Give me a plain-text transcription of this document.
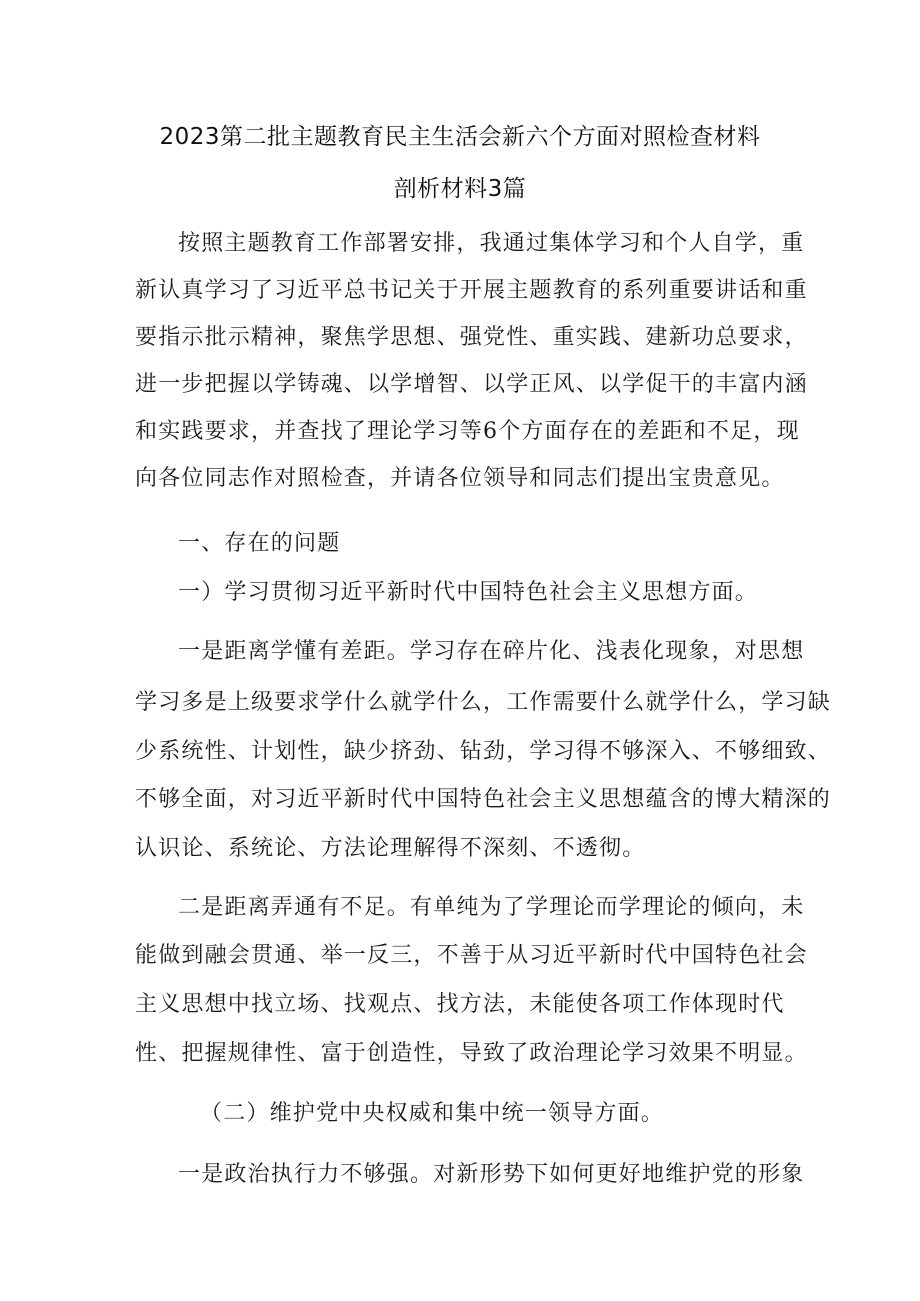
2023第二批主题教育民主生活会新六个方面对照检查材料
剖析材料3篇
按照主题教育工作部署安排，我通过集体学习和个人自学，重
新认真学习了习近平总书记关于开展主题教育的系列重要讲话和重
要指示批示精神，聚焦学思想、强党性、重实践、建新功总要求，
进一步把握以学铸魂、以学增智、以学正风、以学促干的丰富内涵
和实践要求，并查找了理论学习等6个方面存在的差距和不足，现
向各位同志作对照检查，并请各位领导和同志们提出宝贵意见。
一、存在的问题
一）学习贯彻习近平新时代中国特色社会主义思想方面。
一是距离学懂有差距。学习存在碎片化、浅表化现象，对思想
学习多是上级要求学什么就学什么，工作需要什么就学什么，学习缺
少系统性、计划性，缺少挤劲、钻劲，学习得不够深入、不够细致、
不够全面，对习近平新时代中国特色社会主义思想蕴含的博大精深的
认识论、系统论、方法论理解得不深刻、不透彻。
二是距离弄通有不足。有单纯为了学理论而学理论的倾向，未
能做到融会贯通、举一反三，不善于从习近平新时代中国特色社会
主义思想中找立场、找观点、找方法，未能使各项工作体现时代
性、把握规律性、富于创造性，导致了政治理论学习效果不明显。
（二）维护党中央权威和集中统一领导方面。
一是政治执行力不够强。对新形势下如何更好地维护党的形象
